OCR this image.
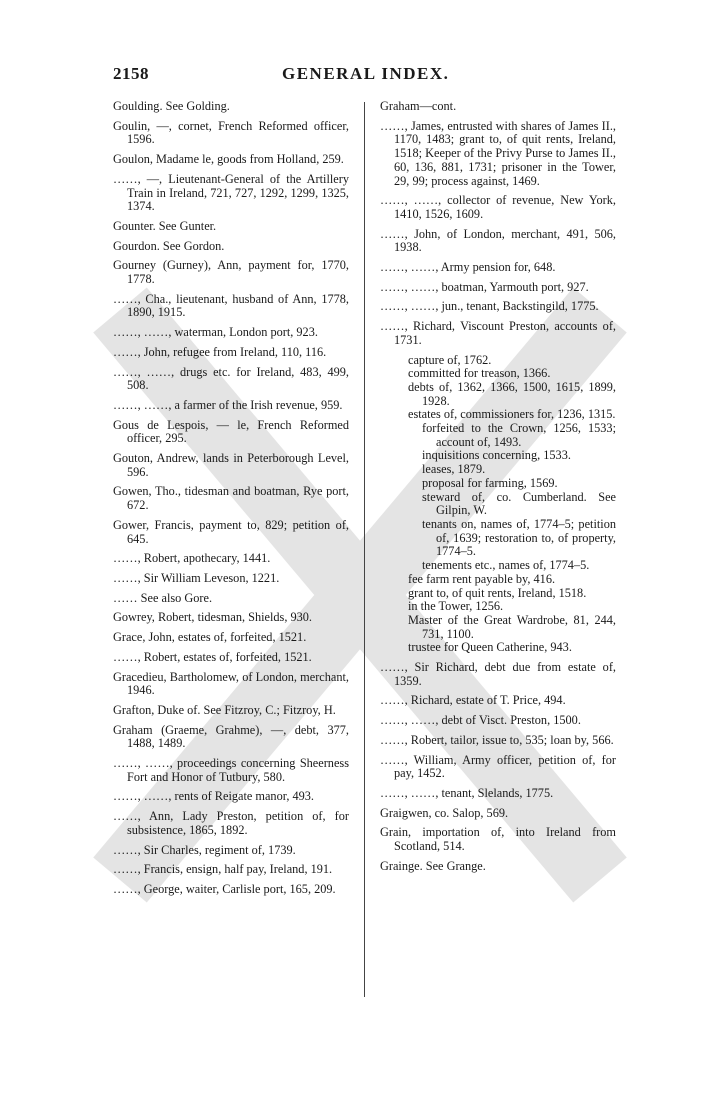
2158	GENERAL INDEX.
Goulding. See Golding.
Goulin, —, cornet, French Reformed officer, 1596.
Goulon, Madame le, goods from Holland, 259.
……, —, Lieutenant-General of the Artillery Train in Ireland, 721, 727, 1292, 1299, 1325, 1374.
Gounter. See Gunter.
Gourdon. See Gordon.
Gourney (Gurney), Ann, payment for, 1770, 1778.
……, Cha., lieutenant, husband of Ann, 1778, 1890, 1915.
……, ……, waterman, London port, 923.
……, John, refugee from Ireland, 110, 116.
……, ……, drugs etc. for Ireland, 483, 499, 508.
……, ……, a farmer of the Irish revenue, 959.
Gous de Lespois, — le, French Reformed officer, 295.
Gouton, Andrew, lands in Peterborough Level, 596.
Gowen, Tho., tidesman and boatman, Rye port, 672.
Gower, Francis, payment to, 829; petition of, 645.
……, Robert, apothecary, 1441.
……, Sir William Leveson, 1221.
…… See also Gore.
Gowrey, Robert, tidesman, Shields, 930.
Grace, John, estates of, forfeited, 1521.
……, Robert, estates of, forfeited, 1521.
Gracedieu, Bartholomew, of London, merchant, 1946.
Grafton, Duke of. See Fitzroy, C.; Fitzroy, H.
Graham (Graeme, Grahme), —, debt, 377, 1488, 1489.
……, ……, proceedings concerning Sheerness Fort and Honor of Tutbury, 580.
……, ……, rents of Reigate manor, 493.
……, Ann, Lady Preston, petition of, for subsistence, 1865, 1892.
……, Sir Charles, regiment of, 1739.
……, Francis, ensign, half pay, Ireland, 191.
……, George, waiter, Carlisle port, 165, 209.
Graham—cont.
……, James, entrusted with shares of James II., 1170, 1483; grant to, of quit rents, Ireland, 1518; Keeper of the Privy Purse to James II., 60, 136, 881, 1731; prisoner in the Tower, 29, 99; process against, 1469.
……, ……, collector of revenue, New York, 1410, 1526, 1609.
……, John, of London, merchant, 491, 506, 1938.
……, ……, Army pension for, 648.
……, ……, boatman, Yarmouth port, 927.
……, ……, jun., tenant, Backstingild, 1775.
……, Richard, Viscount Preston, accounts of, 1731.
capture of, 1762.
committed for treason, 1366.
debts of, 1362, 1366, 1500, 1615, 1899, 1928.
estates of, commissioners for, 1236, 1315.
forfeited to the Crown, 1256, 1533; account of, 1493.
inquisitions concerning, 1533.
leases, 1879.
proposal for farming, 1569.
steward of, co. Cumberland. See Gilpin, W.
tenants on, names of, 1774–5; petition of, 1639; restoration to, of property, 1774–5.
tenements etc., names of, 1774–5.
fee farm rent payable by, 416.
grant to, of quit rents, Ireland, 1518.
in the Tower, 1256.
Master of the Great Wardrobe, 81, 244, 731, 1100.
trustee for Queen Catherine, 943.
……, Sir Richard, debt due from estate of, 1359.
……, Richard, estate of T. Price, 494.
……, ……, debt of Visct. Preston, 1500.
……, Robert, tailor, issue to, 535; loan by, 566.
……, William, Army officer, petition of, for pay, 1452.
……, ……, tenant, Slelands, 1775.
Graigwen, co. Salop, 569.
Grain, importation of, into Ireland from Scotland, 514.
Grainge. See Grange.
